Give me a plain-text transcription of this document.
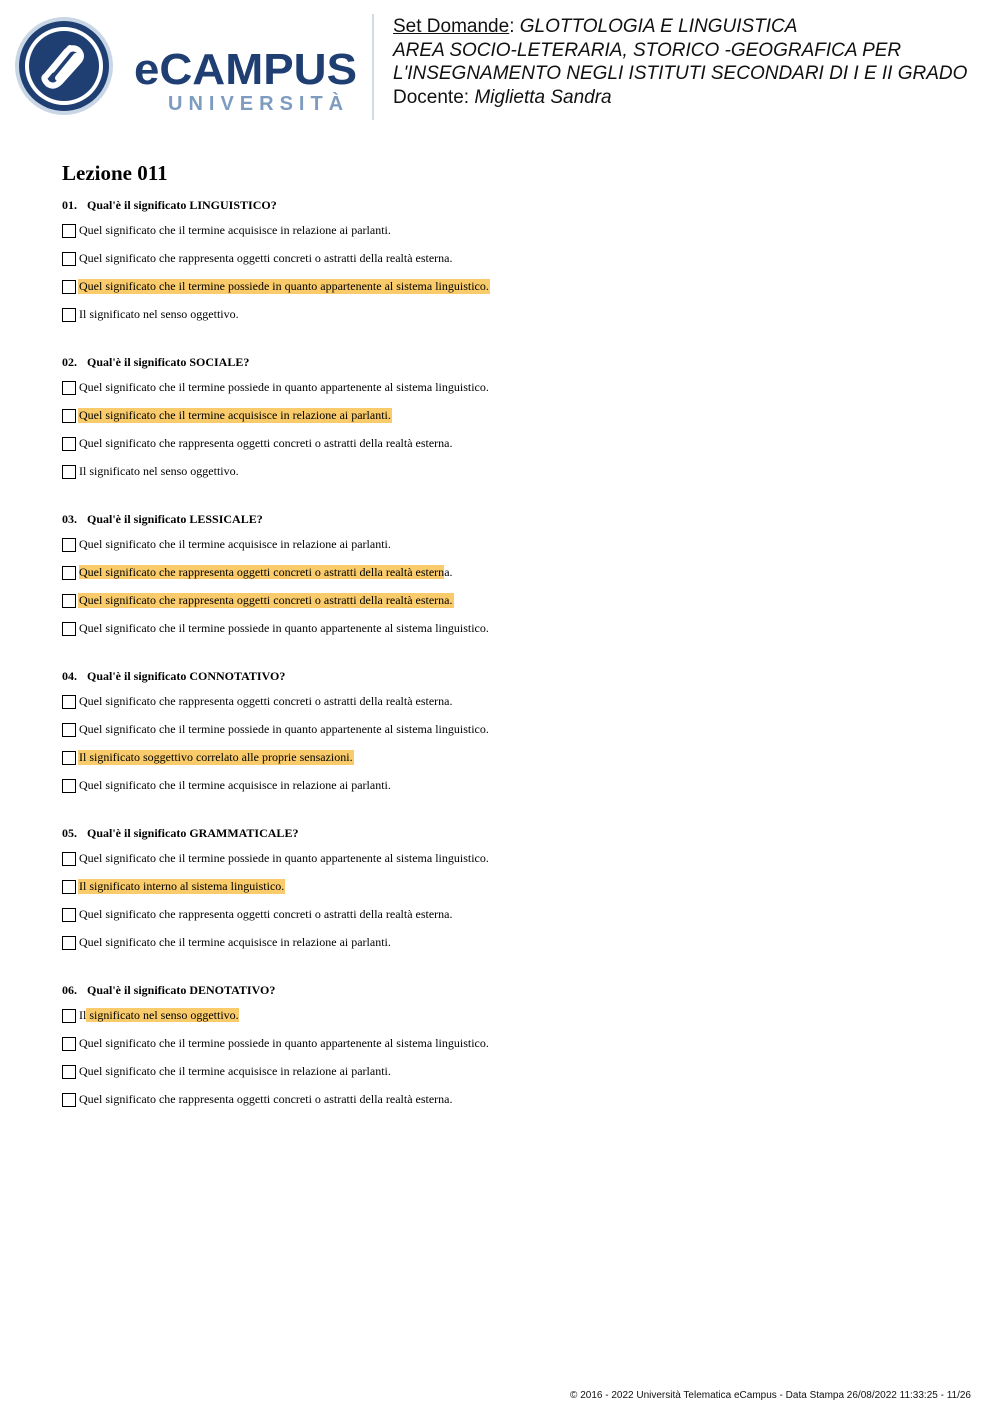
eCAMPUS
UNIVERSITÀ
Set Domande: GLOTTOLOGIA E LINGUISTICA
AREA SOCIO-LETERARIA, STORICO -GEOGRAFICA PER
L'INSEGNAMENTO NEGLI ISTITUTI SECONDARI DI I E II GRADO
Docente: Miglietta Sandra
Lezione 011
01. Qual'è il significato LINGUISTICO?
Quel significato che il termine acquisisce in relazione ai parlanti.
Quel significato che rappresenta oggetti concreti o astratti della realtà esterna.
Quel significato che il termine possiede in quanto appartenente al sistema linguistico.
Il significato nel senso oggettivo.
02. Qual'è il significato SOCIALE?
Quel significato che il termine possiede in quanto appartenente al sistema linguistico.
Quel significato che il termine acquisisce in relazione ai parlanti.
Quel significato che rappresenta oggetti concreti o astratti della realtà esterna.
Il significato nel senso oggettivo.
03. Qual'è il significato LESSICALE?
Quel significato che il termine acquisisce in relazione ai parlanti.
Quel significato che rappresenta oggetti concreti o astratti della realtà esterna.
Quel significato che rappresenta oggetti concreti o astratti della realtà esterna.
Quel significato che il termine possiede in quanto appartenente al sistema linguistico.
04. Qual'è il significato CONNOTATIVO?
Quel significato che rappresenta oggetti concreti o astratti della realtà esterna.
Quel significato che il termine possiede in quanto appartenente al sistema linguistico.
Il significato soggettivo correlato alle proprie sensazioni.
Quel significato che il termine acquisisce in relazione ai parlanti.
05. Qual'è il significato GRAMMATICALE?
Quel significato che il termine possiede in quanto appartenente al sistema linguistico.
Il significato interno al sistema linguistico.
Quel significato che rappresenta oggetti concreti o astratti della realtà esterna.
Quel significato che il termine acquisisce in relazione ai parlanti.
06. Qual'è il significato DENOTATIVO?
Il significato nel senso oggettivo.
Quel significato che il termine possiede in quanto appartenente al sistema linguistico.
Quel significato che il termine acquisisce in relazione ai parlanti.
Quel significato che rappresenta oggetti concreti o astratti della realtà esterna.
© 2016 - 2022 Università Telematica eCampus - Data Stampa 26/08/2022 11:33:25 - 11/26
